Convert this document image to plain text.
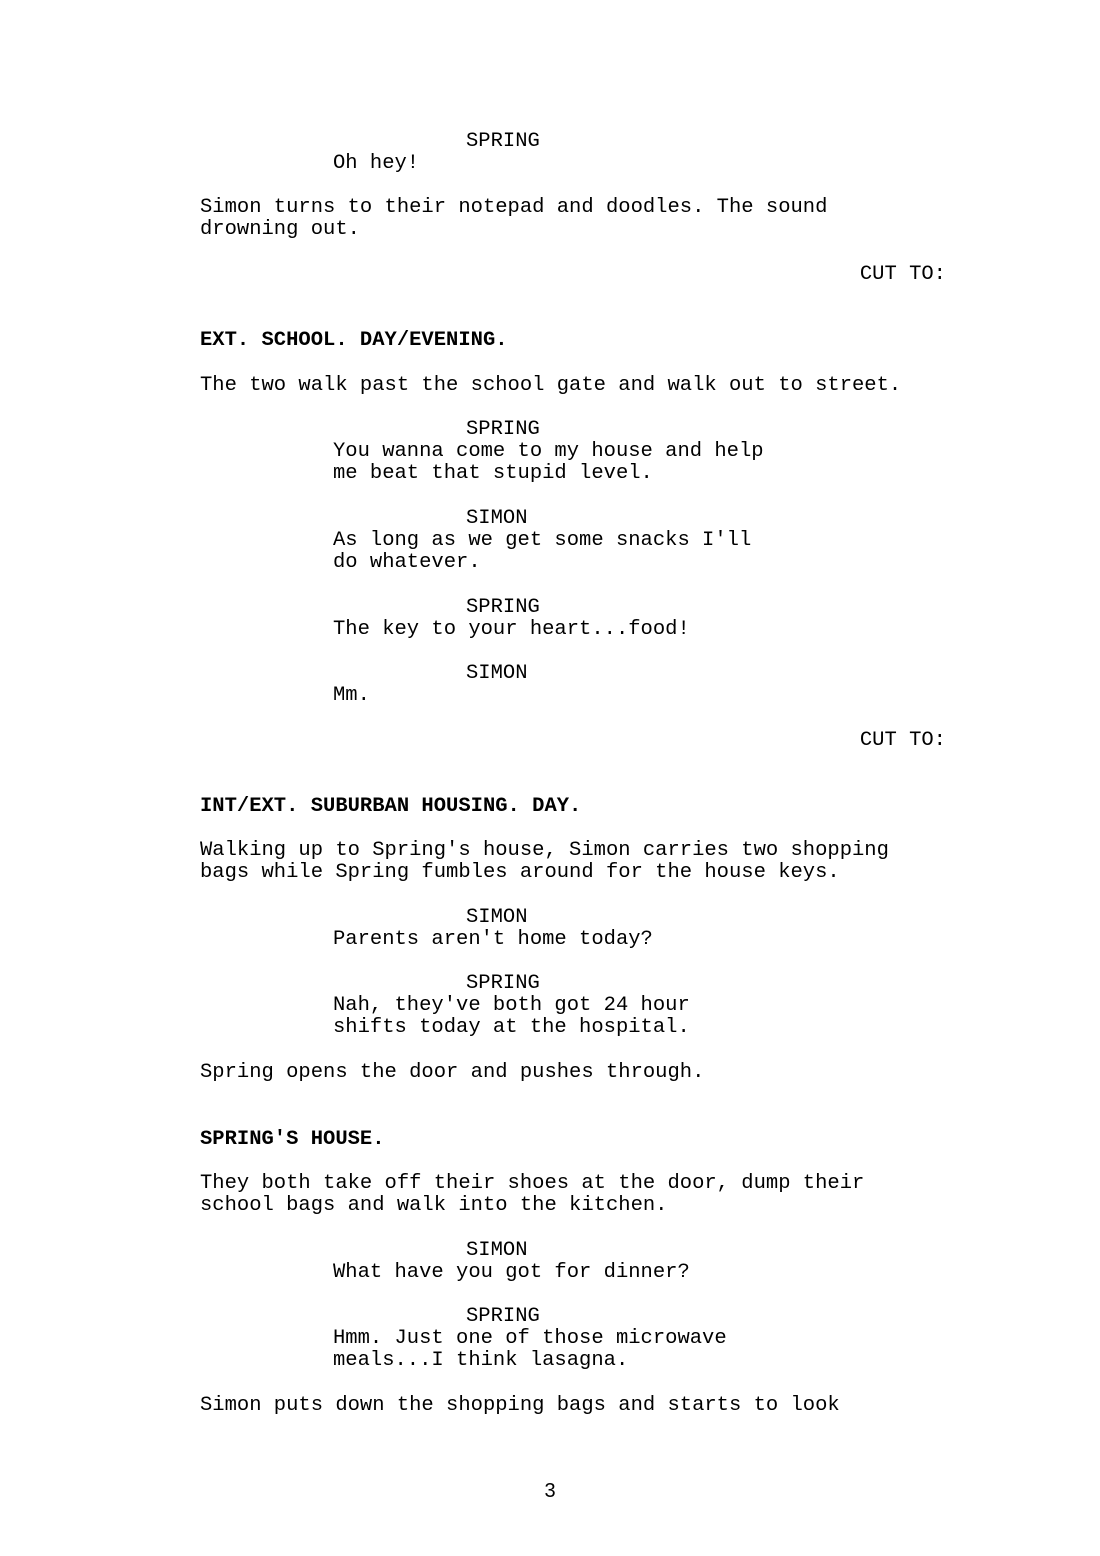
SPRING
Oh hey!
Simon turns to their notepad and doodles. The sound
drowning out.
CUT TO:
EXT. SCHOOL. DAY/EVENING.
The two walk past the school gate and walk out to street.
SPRING
You wanna come to my house and help
me beat that stupid level.
SIMON
As long as we get some snacks I'll
do whatever.
SPRING
The key to your heart...food!
SIMON
Mm.
CUT TO:
INT/EXT. SUBURBAN HOUSING. DAY.
Walking up to Spring's house, Simon carries two shopping
bags while Spring fumbles around for the house keys.
SIMON
Parents aren't home today?
SPRING
Nah, they've both got 24 hour
shifts today at the hospital.
Spring opens the door and pushes through.
SPRING'S HOUSE.
They both take off their shoes at the door, dump their
school bags and walk into the kitchen.
SIMON
What have you got for dinner?
SPRING
Hmm. Just one of those microwave
meals...I think lasagna.
Simon puts down the shopping bags and starts to look
3
